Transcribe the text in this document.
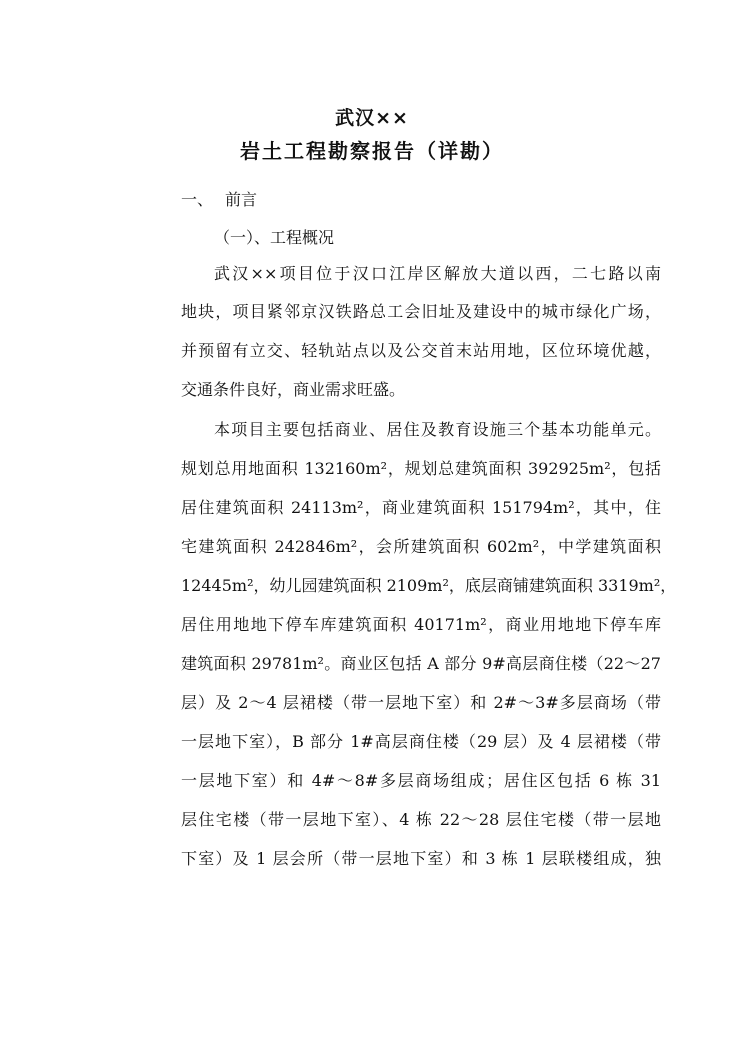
武汉××
岩土工程勘察报告（详勘）
一、 前言
（一）、工程概况
武汉××项目位于汉口江岸区解放大道以西，二七路以南
地块，项目紧邻京汉铁路总工会旧址及建设中的城市绿化广场，
并预留有立交、轻轨站点以及公交首末站用地，区位环境优越，
交通条件良好，商业需求旺盛。
本项目主要包括商业、居住及教育设施三个基本功能单元。
规划总用地面积 132160m²，规划总建筑面积 392925m²，包括
居住建筑面积 24113m²，商业建筑面积 151794m²，其中，住
宅建筑面积 242846m²，会所建筑面积 602m²，中学建筑面积
12445m²，幼儿园建筑面积 2109m²，底层商铺建筑面积 3319m²，
居住用地地下停车库建筑面积 40171m²，商业用地地下停车库
建筑面积 29781m²。商业区包括 A 部分 9#高层商住楼（22～27
层）及 2～4 层裙楼（带一层地下室）和 2#～3#多层商场（带
一层地下室），B 部分 1#高层商住楼（29 层）及 4 层裙楼（带
一层地下室）和 4#～8#多层商场组成；居住区包括 6 栋 31
层住宅楼（带一层地下室）、4 栋 22～28 层住宅楼（带一层地
下室）及 1 层会所（带一层地下室）和 3 栋 1 层联楼组成，独
